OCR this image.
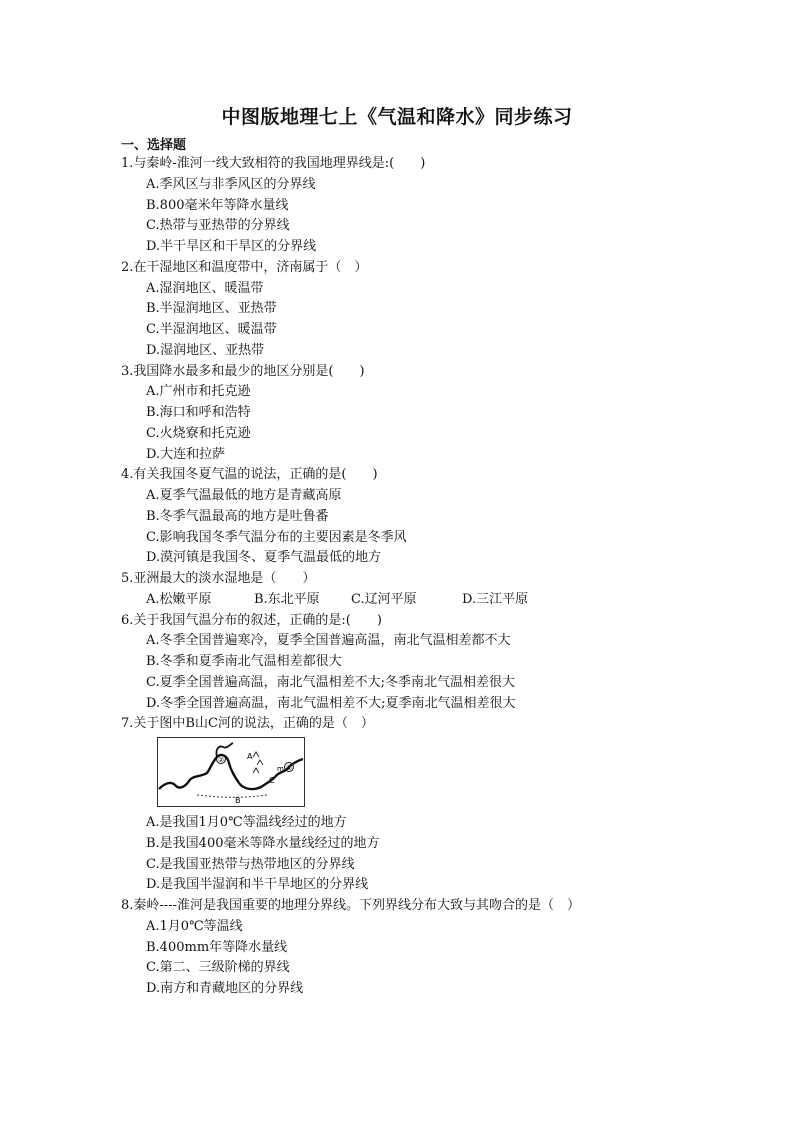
中图版地理七上《气温和降水》同步练习

一、选择题

1.与秦岭-淮河一线大致相符的我国地理界线是:(　　)

A.季风区与非季风区的分界线

B.800毫米年等降水量线

C.热带与亚热带的分界线

D.半干旱区和干旱区的分界线

2.在干湿地区和温度带中，济南属于（　）

A.湿润地区、暖温带

B.半湿润地区、亚热带

C.半湿润地区、暖温带

D.湿润地区、亚热带

3.我国降水最多和最少的地区分别是(　　)

A.广州市和托克逊

B.海口和呼和浩特

C.火烧寮和托克逊

D.大连和拉萨

4.有关我国冬夏气温的说法，正确的是(　　)

A.夏季气温最低的地方是青藏高原

B.冬季气温最高的地方是吐鲁番

C.影响我国冬季气温分布的主要因素是冬季风

D.漠河镇是我国冬、夏季气温最低的地方

5.亚洲最大的淡水湿地是（　　）

A.松嫩平原	B.东北平原	C.辽河平原	D.三江平原

6.关于我国气温分布的叙述，正确的是:(　　)

A.冬季全国普遍寒冷，夏季全国普遍高温，南北气温相差都不大

B.冬季和夏季南北气温相差都很大

C.夏季全国普遍高温，南北气温相差不大;冬季南北气温相差很大

D.冬季全国普遍高温，南北气温相差不大;夏季南北气温相差很大

7.关于图中B山C河的说法，正确的是（　）

②	A
m ①
C
B

A.是我国1月0℃等温线经过的地方

B.是我国400毫米等降水量线经过的地方

C.是我国亚热带与热带地区的分界线

D.是我国半湿润和半干旱地区的分界线

8.秦岭----淮河是我国重要的地理分界线。下列界线分布大致与其吻合的是（　）

A.1月0℃等温线

B.400mm年等降水量线

C.第二、三级阶梯的界线

D.南方和青藏地区的分界线
